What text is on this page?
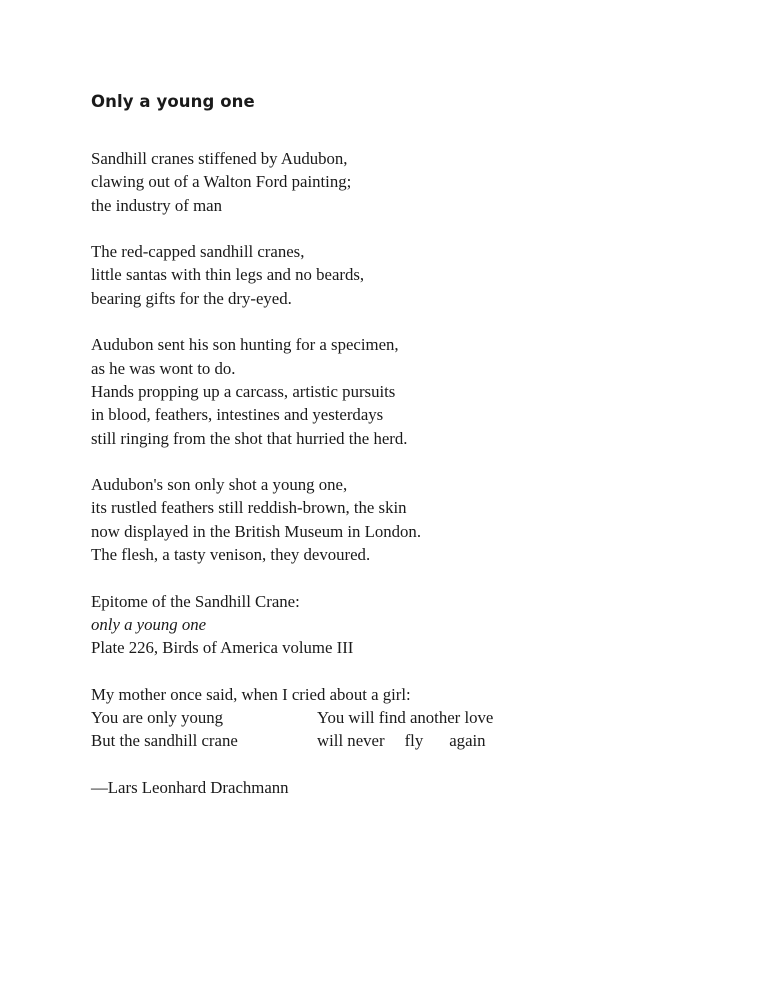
Only a young one
Sandhill cranes stiffened by Audubon,
clawing out of a Walton Ford painting;
the industry of man
The red-capped sandhill cranes,
little santas with thin legs and no beards,
bearing gifts for the dry-eyed.
Audubon sent his son hunting for a specimen,
as he was wont to do.
Hands propping up a carcass, artistic pursuits
in blood, feathers, intestines and yesterdays
still ringing from the shot that hurried the herd.
Audubon's son only shot a young one,
its rustled feathers still reddish-brown, the skin
now displayed in the British Museum in London.
The flesh, a tasty venison, they devoured.
Epitome of the Sandhill Crane:
only a young one
Plate 226, Birds of America volume III
My mother once said, when I cried about a girl:
You are only young	You will find another love
But the sandhill crane	will never fly again
—Lars Leonhard Drachmann
